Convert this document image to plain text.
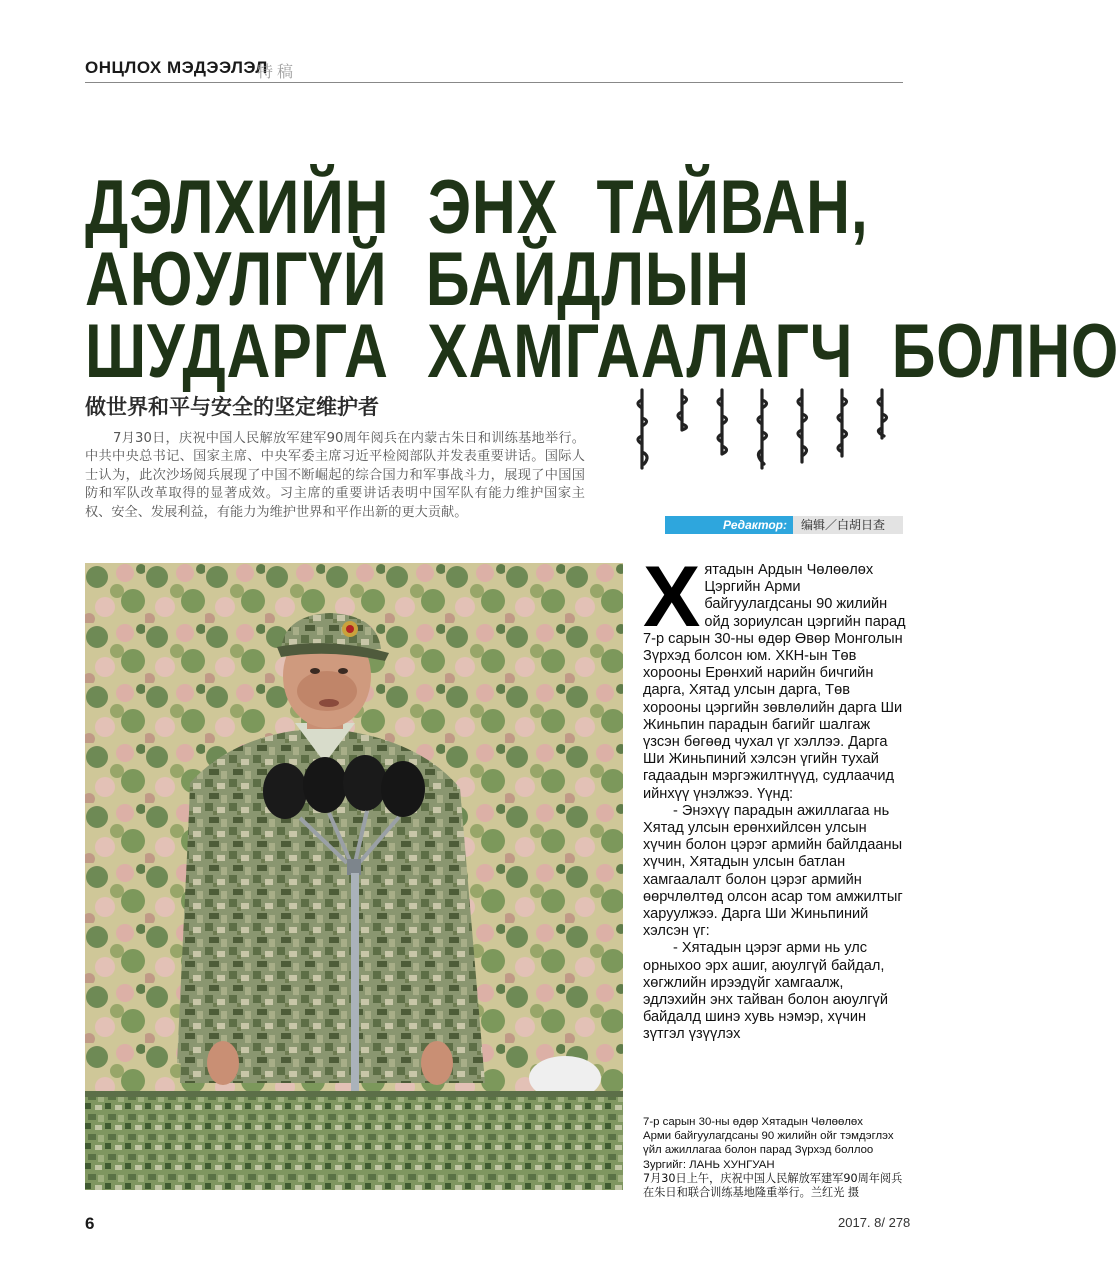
ОНЦЛОХ МЭДЭЭЛЭЛ
特稿
ДЭЛХИЙН ЭНХ ТАЙВАН,
АЮУЛГҮЙ БАЙДЛЫН
ШУДАРГА ХАМГААЛАГЧ БОЛНО
做世界和平与安全的坚定维护者
7月30日，庆祝中国人民解放军建军90周年阅兵在内蒙古朱日和训练基地举行。中共中央总书记、国家主席、中央军委主席习近平检阅部队并发表重要讲话。国际人士认为，此次沙场阅兵展现了中国不断崛起的综合国力和军事战斗力，展现了中国国防和军队改革取得的显著成效。习主席的重要讲话表明中国军队有能力维护国家主权、安全、发展利益，有能力为维护世界和平作出新的更大贡献。
Редактор: Б.ХУРЦАА
编辑／白胡日查
Х ятадын Ардын Чөлөөлөх Цэргийн Арми байгуулагдсаны 90 жилийн ойд зориулсан цэргийн парад 7-р сарын 30-ны өдөр Өвөр Монголын Зүрхэд болсон юм. ХКН-ын Төв хорооны Ерөнхий нарийн бичгийн дарга, Хятад улсын дарга, Төв хорооны цэргийн зөвлөлийн дарга Ши Жиньпин парадын багийг шалгаж үзсэн бөгөөд чухал үг хэллээ. Дарга Ши Жиньпиний хэлсэн үгийн тухай гадаадын мэргэжилтнүүд, судлаачид ийнхүү үнэлжээ. Үүнд:

- Энэхүү парадын ажиллагаа нь Хятад улсын ерөнхийлсөн улсын хүчин болон цэрэг армийн байлдааны хүчин, Хятадын улсын батлан хамгаалалт болон цэрэг армийн өөрчлөлтөд олсон асар том амжилтыг харуулжээ. Дарга Ши Жиньпиний хэлсэн үг:

- Хятадын цэрэг арми нь улс орныхоо эрх ашиг, аюулгүй байдал, хөгжлийн ирээдүйг хамгаалж, эдлэхийн энх тайван болон аюулгүй байдалд шинэ хувь нэмэр, хүчин зүтгэл үзүүлэх

7-р сарын 30-ны өдөр Хятадын Чөлөөлөх
Арми байгуулагдсаны 90 жилийн ойг тэмдэглэх
үйл ажиллагаа болон парад Зүрхэд боллоо
Зургийг: ЛАНЬ ХУНГУАН
7月30日上午，庆祝中国人民解放军建军90周年阅兵在朱日和联合训练基地隆重举行。兰红光 摄
6	2017. 8/ 278
